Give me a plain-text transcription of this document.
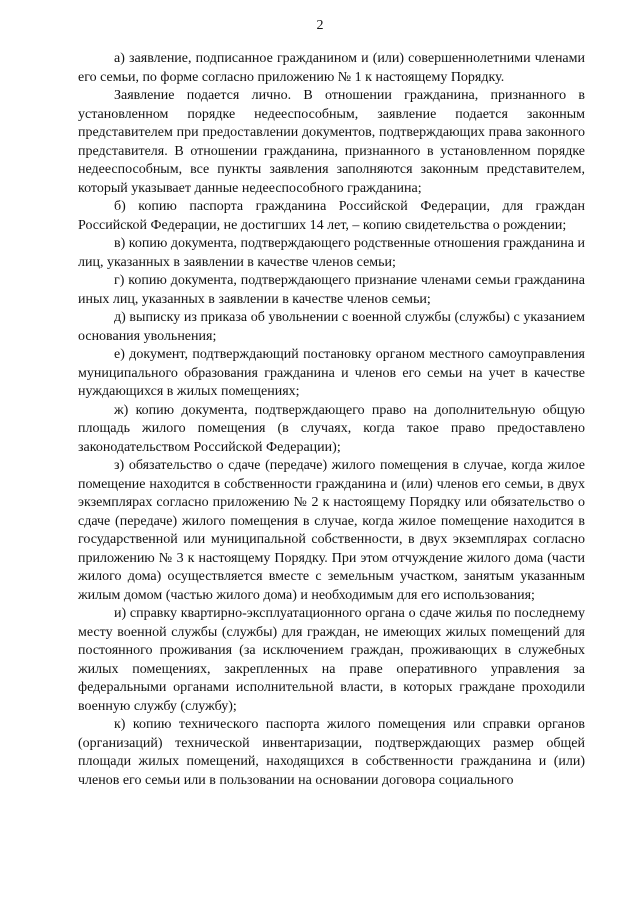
2

а) заявление, подписанное гражданином и (или) совершеннолетними членами его семьи, по форме согласно приложению № 1 к настоящему Порядку.

Заявление подается лично. В отношении гражданина, признанного в установленном порядке недееспособным, заявление подается законным представителем при предоставлении документов, подтверждающих права законного представителя. В отношении гражданина, признанного в установленном порядке недееспособным, все пункты заявления заполняются законным представителем, который указывает данные недееспособного гражданина;

б) копию паспорта гражданина Российской Федерации, для граждан Российской Федерации, не достигших 14 лет, – копию свидетельства о рождении;

в) копию документа, подтверждающего родственные отношения гражданина и лиц, указанных в заявлении в качестве членов семьи;

г) копию документа, подтверждающего признание членами семьи гражданина иных лиц, указанных в заявлении в качестве членов семьи;

д) выписку из приказа об увольнении с военной службы (службы) с указанием основания увольнения;

е) документ, подтверждающий постановку органом местного самоуправления муниципального образования гражданина и членов его семьи на учет в качестве нуждающихся в жилых помещениях;

ж) копию документа, подтверждающего право на дополнительную общую площадь жилого помещения (в случаях, когда такое право предоставлено законодательством Российской Федерации);

з) обязательство о сдаче (передаче) жилого помещения в случае, когда жилое помещение находится в собственности гражданина и (или) членов его семьи, в двух экземплярах согласно приложению № 2 к настоящему Порядку или обязательство о сдаче (передаче) жилого помещения в случае, когда жилое помещение находится в государственной или муниципальной собственности, в двух экземплярах согласно приложению № 3 к настоящему Порядку. При этом отчуждение жилого дома (части жилого дома) осуществляется вместе с земельным участком, занятым указанным жилым домом (частью жилого дома) и необходимым для его использования;

и) справку квартирно-эксплуатационного органа о сдаче жилья по последнему месту военной службы (службы) для граждан, не имеющих жилых помещений для постоянного проживания (за исключением граждан, проживающих в служебных жилых помещениях, закрепленных на праве оперативного управления за федеральными органами исполнительной власти, в которых граждане проходили военную службу (службу);

к) копию технического паспорта жилого помещения или справки органов (организаций) технической инвентаризации, подтверждающих размер общей площади жилых помещений, находящихся в собственности гражданина и (или) членов его семьи или в пользовании на основании договора социального
